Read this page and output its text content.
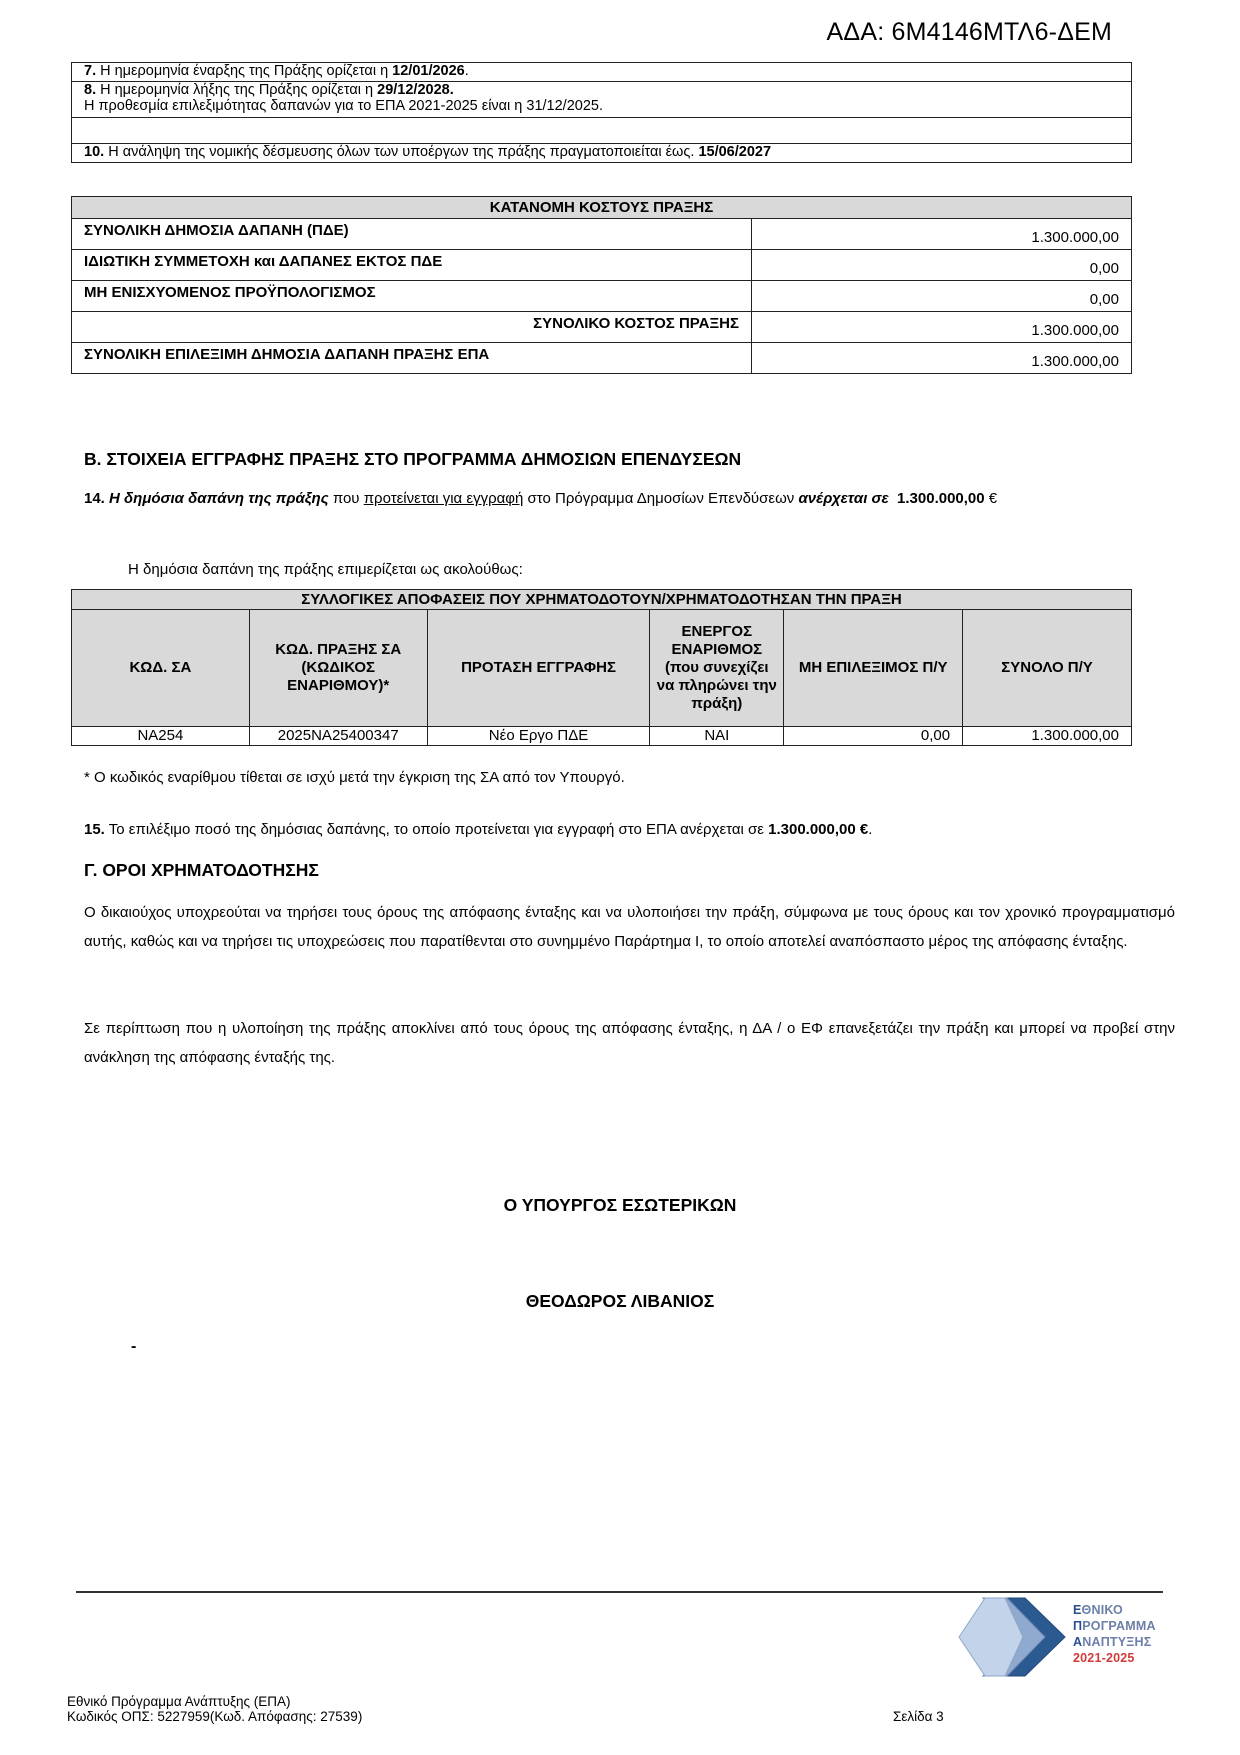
ΑΔΑ: 6Μ4146ΜΤΛ6-ΔΕΜ
7. Η ημερομηνία έναρξης της Πράξης ορίζεται η 12/01/2026.
8. Η ημερομηνία λήξης της Πράξης ορίζεται η 29/12/2028.
Η προθεσμία επιλεξιμότητας δαπανών για το ΕΠΑ 2021-2025 είναι η 31/12/2025.

10. Η ανάληψη της νομικής δέσμευσης όλων των υποέργων της πράξης πραγματοποιείται έως. 15/06/2027
ΚΑΤΑΝΟΜΗ ΚΟΣΤΟΥΣ ΠΡΑΞΗΣ	
ΣΥΝΟΛΙΚΗ ΔΗΜΟΣΙΑ ΔΑΠΑΝΗ (ΠΔΕ)	1.300.000,00
ΙΔΙΩΤΙΚΗ ΣΥΜΜΕΤΟΧΗ και ΔΑΠΑΝΕΣ ΕΚΤΟΣ ΠΔΕ	0,00
ΜΗ ΕΝΙΣΧΥΟΜΕΝΟΣ ΠΡΟΫΠΟΛΟΓΙΣΜΟΣ	0,00
ΣΥΝΟΛΙΚΟ ΚΟΣΤΟΣ ΠΡΑΞΗΣ	1.300.000,00
ΣΥΝΟΛΙΚΗ ΕΠΙΛΕΞΙΜΗ ΔΗΜΟΣΙΑ ΔΑΠΑΝΗ ΠΡΑΞΗΣ ΕΠΑ	1.300.000,00
Β. ΣΤΟΙΧΕΙΑ ΕΓΓΡΑΦΗΣ ΠΡΑΞΗΣ ΣΤΟ ΠΡΟΓΡΑΜΜΑ ΔΗΜΟΣΙΩΝ ΕΠΕΝΔΥΣΕΩΝ
14. Η δημόσια δαπάνη της πράξης που προτείνεται για εγγραφή στο Πρόγραμμα Δημοσίων Επενδύσεων ανέρχεται σε 1.300.000,00 €
Η δημόσια δαπάνη της πράξης επιμερίζεται ως ακολούθως:
ΣΥΛΛΟΓΙΚΕΣ ΑΠΟΦΑΣΕΙΣ ΠΟΥ ΧΡΗΜΑΤΟΔΟΤΟΥΝ/ΧΡΗΜΑΤΟΔΟΤΗΣΑΝ ΤΗΝ ΠΡΑΞΗ					
ΚΩΔ. ΣΑ	ΚΩΔ. ΠΡΑΞΗΣ ΣΑ (ΚΩΔΙΚΟΣ ΕΝΑΡΙΘΜΟΥ)*	ΠΡΟΤΑΣΗ ΕΓΓΡΑΦΗΣ	ΕΝΕΡΓΟΣ ΕΝΑΡΙΘΜΟΣ (που συνεχίζει να πληρώνει την πράξη)	ΜΗ ΕΠΙΛΕΞΙΜΟΣ Π/Υ	ΣΥΝΟΛΟ Π/Υ
ΝΑ254	2025ΝΑ25400347	Νέο Εργο ΠΔΕ	ΝΑΙ	0,00	1.300.000,00
* Ο κωδικός εναρίθμου τίθεται σε ισχύ μετά την έγκριση της ΣΑ από τον Υπουργό.
15. Το επιλέξιμο ποσό της δημόσιας δαπάνης, το οποίο προτείνεται για εγγραφή στο ΕΠΑ ανέρχεται σε 1.300.000,00 €.
Γ. ΟΡΟΙ ΧΡΗΜΑΤΟΔΟΤΗΣΗΣ
Ο δικαιούχος υποχρεούται να τηρήσει τους όρους της απόφασης ένταξης και να υλοποιήσει την πράξη, σύμφωνα με τους όρους και τον χρονικό προγραμματισμό αυτής, καθώς και να τηρήσει τις υποχρεώσεις που παρατίθενται στο συνημμένο Παράρτημα Ι, το οποίο αποτελεί αναπόσπαστο μέρος της απόφασης ένταξης.
Σε περίπτωση που η υλοποίηση της πράξης αποκλίνει από τους όρους της απόφασης ένταξης, η ΔΑ / ο ΕΦ επανεξετάζει την πράξη και μπορεί να προβεί στην ανάκληση της απόφασης ένταξής της.
Ο ΥΠΟΥΡΓΟΣ ΕΣΩΤΕΡΙΚΩΝ
ΘΕΟΔΩΡΟΣ ΛΙΒΑΝΙΟΣ
-
ΕΘΝΙΚΟ
ΠΡΟΓΡΑΜΜΑ
ΑΝΑΠΤΥΞΗΣ
2021-2025
Εθνικό Πρόγραμμα Ανάπτυξης (ΕΠΑ)
Κωδικός ΟΠΣ: 5227959(Κωδ. Απόφασης: 27539)	Σελίδα 3
